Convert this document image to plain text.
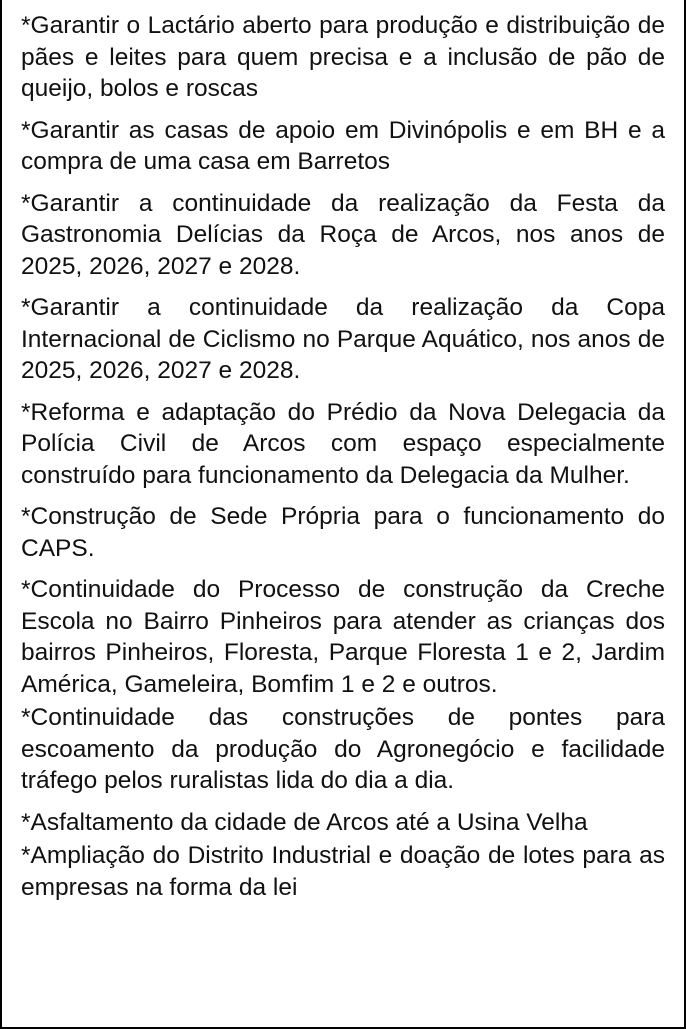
*Garantir o Lactário aberto para produção e distribuição de pães e leites para quem precisa e a inclusão de pão de queijo, bolos e roscas

*Garantir as casas de apoio em Divinópolis e em BH e a compra de uma casa em Barretos

*Garantir a continuidade da realização da Festa da Gastronomia Delícias da Roça de Arcos, nos anos de 2025, 2026, 2027 e 2028.

*Garantir a continuidade da realização da Copa Internacional de Ciclismo no Parque Aquático, nos anos de 2025, 2026, 2027 e 2028.

*Reforma e adaptação do Prédio da Nova Delegacia da Polícia Civil de Arcos com espaço especialmente construído para funcionamento da Delegacia da Mulher.

*Construção de Sede Própria para o funcionamento do CAPS.

*Continuidade do Processo de construção da Creche Escola no Bairro Pinheiros para atender as crianças dos bairros Pinheiros, Floresta, Parque Floresta 1 e 2, Jardim América, Gameleira, Bomfim 1 e 2 e outros.

*Continuidade das construções de pontes para escoamento da produção do Agronegócio e facilidade tráfego pelos ruralistas lida do dia a dia.

*Asfaltamento da cidade de Arcos até a Usina Velha

*Ampliação do Distrito Industrial e doação de lotes para as empresas na forma da lei
